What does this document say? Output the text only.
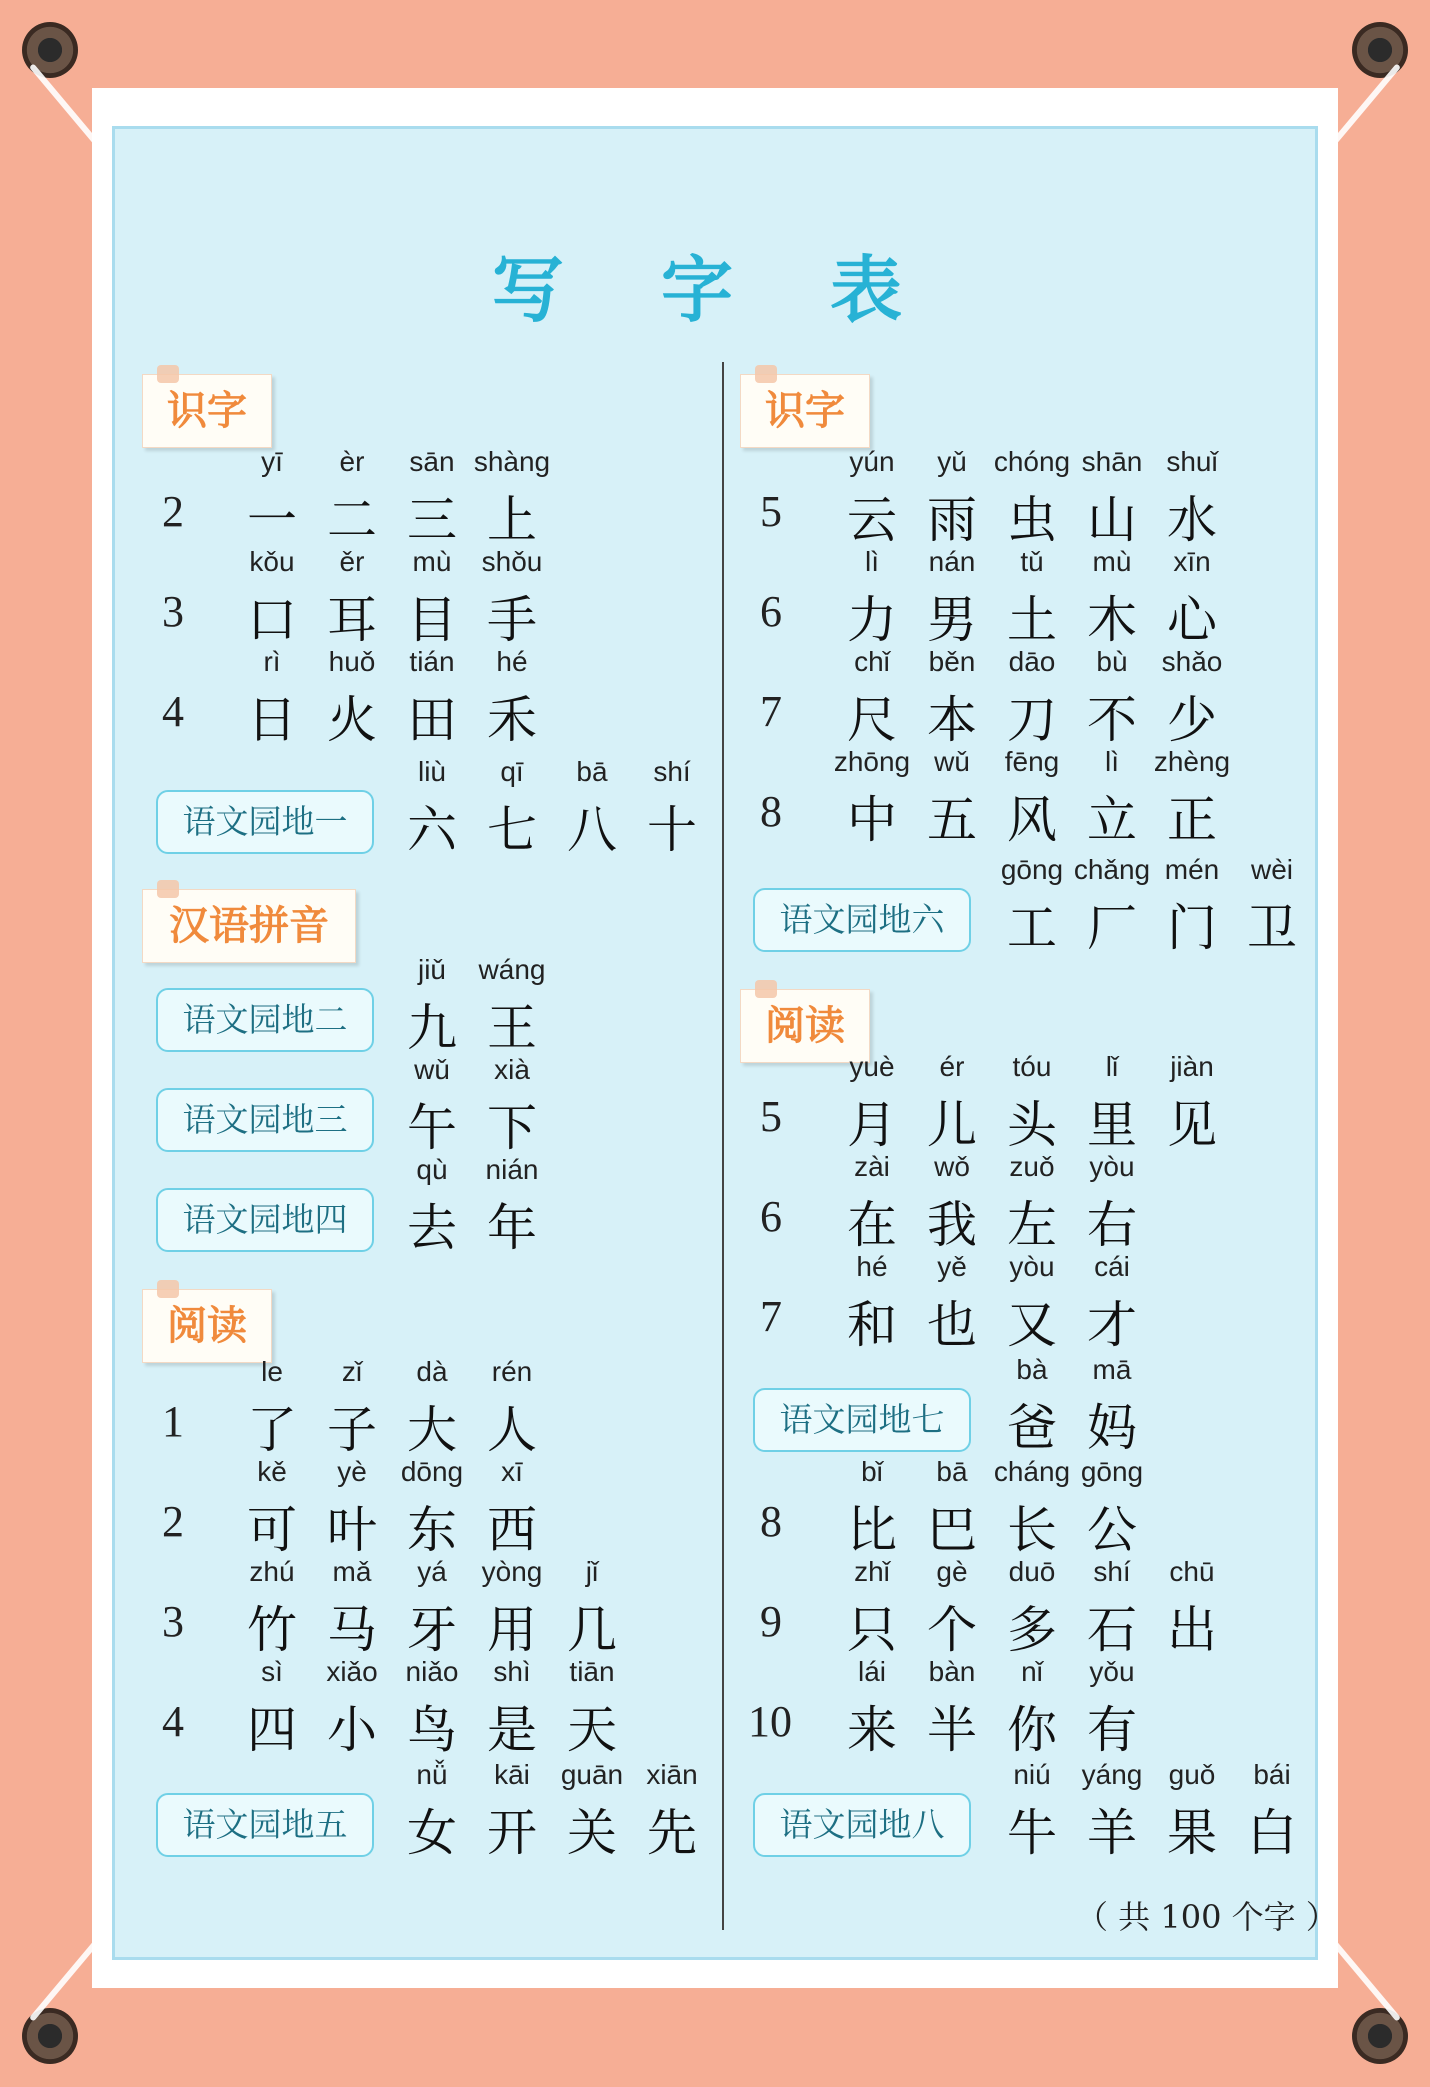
写 字 表
识字
2
yī
一
èr
二
sān
三
shàng
上
3
kǒu
口
ěr
耳
mù
目
shǒu
手
4
rì
日
huǒ
火
tián
田
hé
禾
语文园地一
liù
六
qī
七
bā
八
shí
十
汉语拼音
语文园地二
jiǔ
九
wáng
王
语文园地三
wǔ
午
xià
下
语文园地四
qù
去
nián
年
阅读
1
le
了
zǐ
子
dà
大
rén
人
2
kě
可
yè
叶
dōng
东
xī
西
3
zhú
竹
mǎ
马
yá
牙
yòng
用
jǐ
几
4
sì
四
xiǎo
小
niǎo
鸟
shì
是
tiān
天
语文园地五
nǚ
女
kāi
开
guān
关
xiān
先
识字
5
yún
云
yǔ
雨
chóng
虫
shān
山
shuǐ
水
6
lì
力
nán
男
tǔ
土
mù
木
xīn
心
7
chǐ
尺
běn
本
dāo
刀
bù
不
shǎo
少
8
zhōng
中
wǔ
五
fēng
风
lì
立
zhèng
正
语文园地六
gōng
工
chǎng
厂
mén
门
wèi
卫
阅读
5
yuè
月
ér
儿
tóu
头
lǐ
里
jiàn
见
6
zài
在
wǒ
我
zuǒ
左
yòu
右
7
hé
和
yě
也
yòu
又
cái
才
语文园地七
bà
爸
mā
妈
8
bǐ
比
bā
巴
cháng
长
gōng
公
9
zhǐ
只
gè
个
duō
多
shí
石
chū
出
10
lái
来
bàn
半
nǐ
你
yǒu
有
语文园地八
niú
牛
yáng
羊
guǒ
果
bái
白
（ 共 100 个字 ）
